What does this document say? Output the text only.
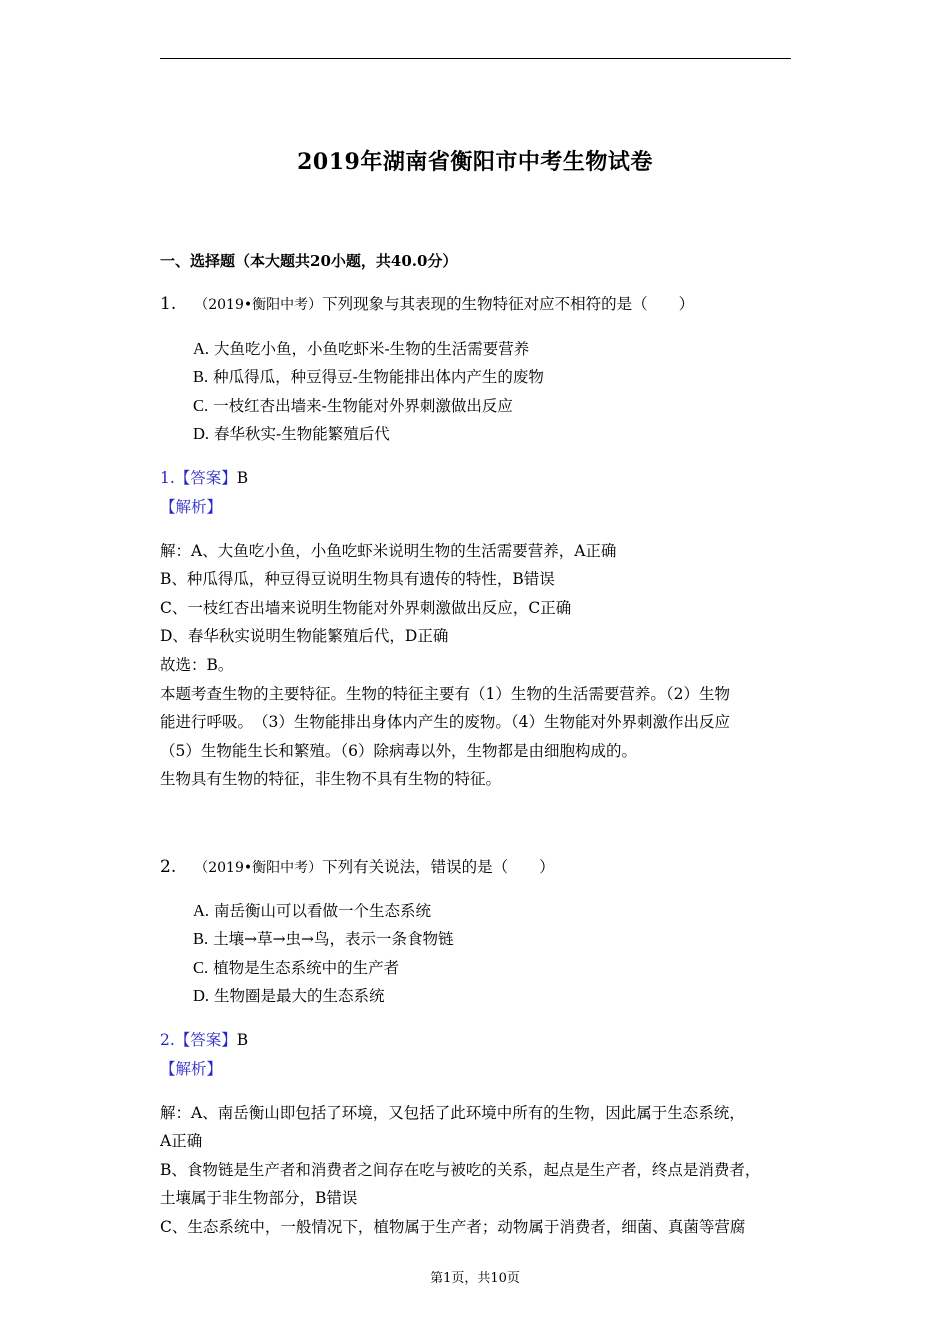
2019年湖南省衡阳市中考生物试卷
一、选择题（本大题共20小题，共40.0分）
1. （2019•衡阳中考）下列现象与其表现的生物特征对应不相符的是（　　）
A. 大鱼吃小鱼，小鱼吃虾米-生物的生活需要营养
B. 种瓜得瓜，种豆得豆-生物能排出体内产生的废物
C. 一枝红杏出墙来-生物能对外界刺激做出反应
D. 春华秋实-生物能繁殖后代
1.【答案】B
【解析】
解：A、大鱼吃小鱼，小鱼吃虾米说明生物的生活需要营养，A正确
B、种瓜得瓜，种豆得豆说明生物具有遗传的特性，B错误
C、一枝红杏出墙来说明生物能对外界刺激做出反应，C正确
D、春华秋实说明生物能繁殖后代，D正确
故选：B。
本题考查生物的主要特征。生物的特征主要有（1）生物的生活需要营养。（2）生物
能进行呼吸。　（3）生物能排出身体内产生的废物。（4）生物能对外界刺激作出反应
（5）生物能生长和繁殖。（6）除病毒以外，生物都是由细胞构成的。
生物具有生物的特征，非生物不具有生物的特征。
2. （2019•衡阳中考）下列有关说法，错误的是（　　）
A. 南岳衡山可以看做一个生态系统
B. 土壤→草→虫→鸟，表示一条食物链
C. 植物是生态系统中的生产者
D. 生物圈是最大的生态系统
2.【答案】B
【解析】
解：A、南岳衡山即包括了环境，又包括了此环境中所有的生物，因此属于生态系统，
A正确
B、食物链是生产者和消费者之间存在吃与被吃的关系，起点是生产者，终点是消费者，
土壤属于非生物部分，B错误
C、生态系统中，一般情况下，植物属于生产者；动物属于消费者，细菌、真菌等营腐
第1页，共10页
